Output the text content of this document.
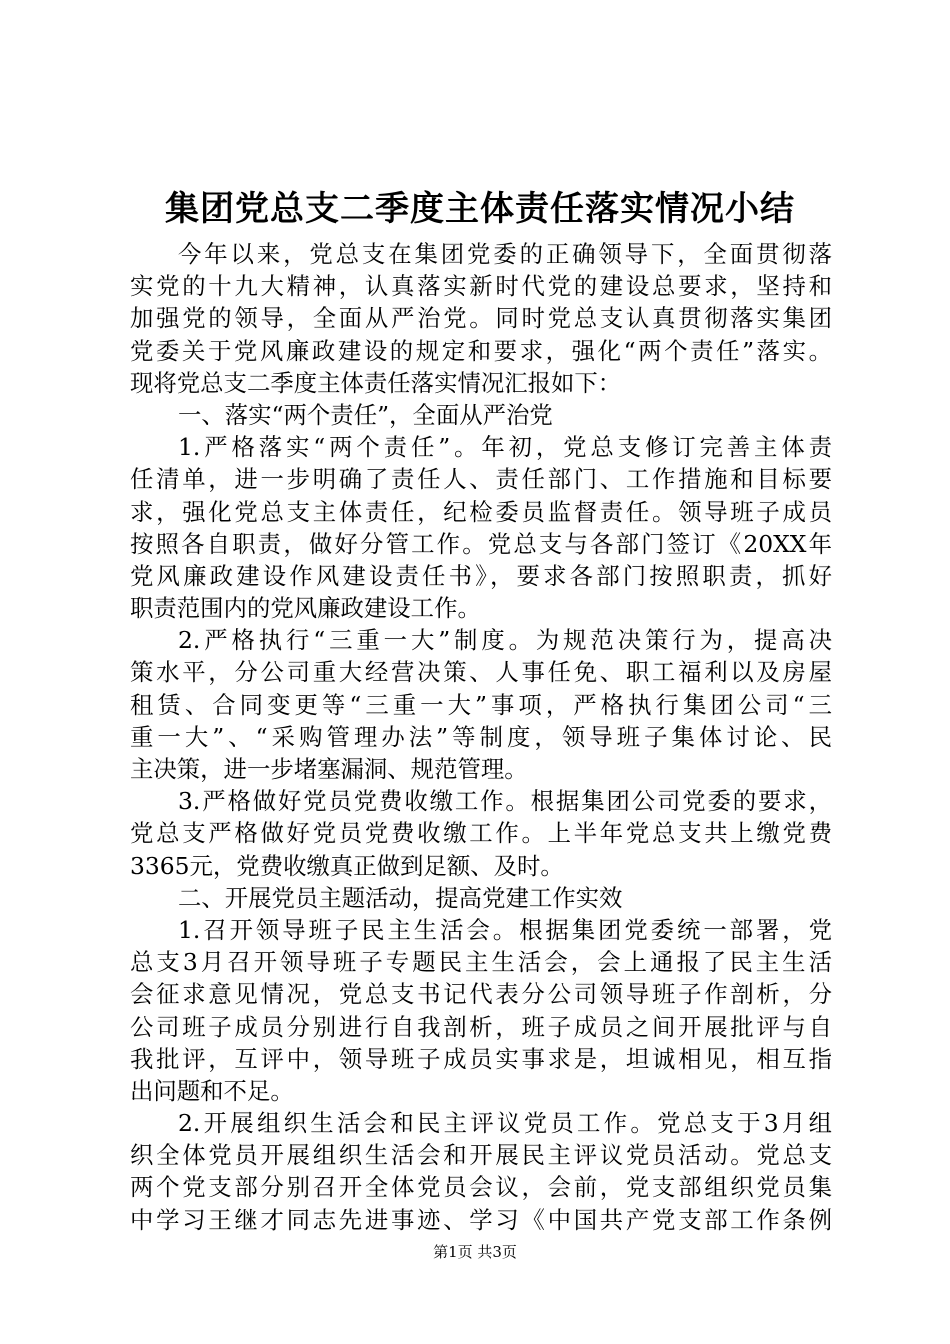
集团党总支二季度主体责任落实情况小结

今年以来，党总支在集团党委的正确领导下，全面贯彻落

实党的十九大精神，认真落实新时代党的建设总要求，坚持和

加强党的领导，全面从严治党。同时党总支认真贯彻落实集团

党委关于党风廉政建设的规定和要求，强化“两个责任”落实。

现将党总支二季度主体责任落实情况汇报如下：

一、落实“两个责任”，全面从严治党

1.严格落实“两个责任”。年初，党总支修订完善主体责

任清单，进一步明确了责任人、责任部门、工作措施和目标要

求，强化党总支主体责任，纪检委员监督责任。领导班子成员

按照各自职责，做好分管工作。党总支与各部门签订《20XX年

党风廉政建设作风建设责任书》，要求各部门按照职责，抓好

职责范围内的党风廉政建设工作。

2.严格执行“三重一大”制度。为规范决策行为，提高决

策水平，分公司重大经营决策、人事任免、职工福利以及房屋

租赁、合同变更等“三重一大”事项，严格执行集团公司“三

重一大”、“采购管理办法”等制度，领导班子集体讨论、民

主决策，进一步堵塞漏洞、规范管理。

3.严格做好党员党费收缴工作。根据集团公司党委的要求，

党总支严格做好党员党费收缴工作。上半年党总支共上缴党费

3365元，党费收缴真正做到足额、及时。

二、开展党员主题活动，提高党建工作实效

1.召开领导班子民主生活会。根据集团党委统一部署，党

总支3月召开领导班子专题民主生活会，会上通报了民主生活

会征求意见情况，党总支书记代表分公司领导班子作剖析，分

公司班子成员分别进行自我剖析，班子成员之间开展批评与自

我批评，互评中，领导班子成员实事求是，坦诚相见，相互指

出问题和不足。

2.开展组织生活会和民主评议党员工作。党总支于3月组

织全体党员开展组织生活会和开展民主评议党员活动。党总支

两个党支部分别召开全体党员会议，会前，党支部组织党员集

中学习王继才同志先进事迹、学习《中国共产党支部工作条例

第1页 共3页
